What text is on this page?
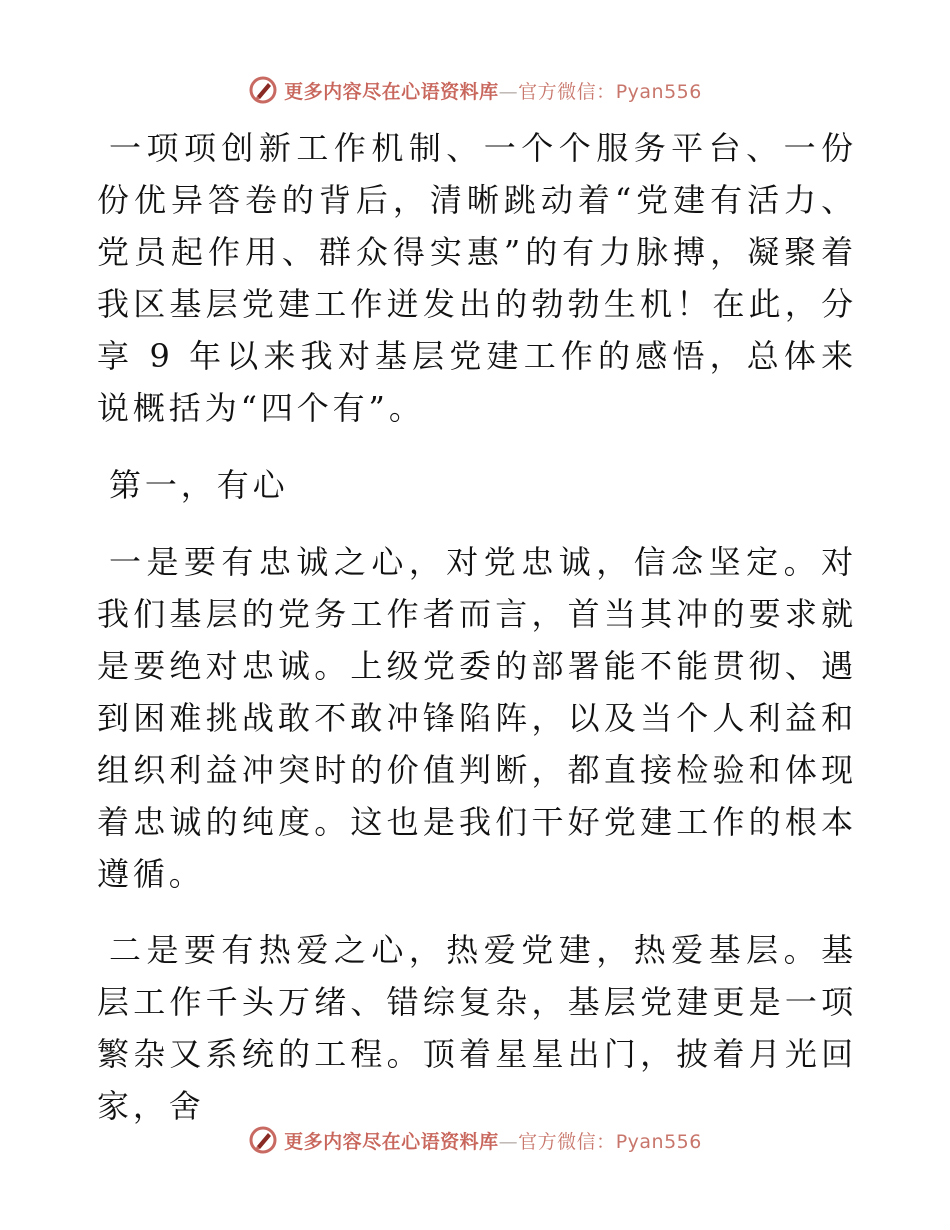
更多内容尽在心语资料库—官方微信：Pyan556

一项项创新工作机制、一个个服务平台、一份份优异答卷的背后，清晰跳动着“党建有活力、党员起作用、群众得实惠”的有力脉搏，凝聚着我区基层党建工作迸发出的勃勃生机！在此，分享 9 年以来我对基层党建工作的感悟，总体来说概括为“四个有”。

第一，有心

一是要有忠诚之心，对党忠诚，信念坚定。对我们基层的党务工作者而言，首当其冲的要求就是要绝对忠诚。上级党委的部署能不能贯彻、遇到困难挑战敢不敢冲锋陷阵，以及当个人利益和组织利益冲突时的价值判断，都直接检验和体现着忠诚的纯度。这也是我们干好党建工作的根本遵循。

二是要有热爱之心，热爱党建，热爱基层。基层工作千头万绪、错综复杂，基层党建更是一项繁杂又系统的工程。顶着星星出门，披着月光回家，舍

更多内容尽在心语资料库—官方微信：Pyan556
